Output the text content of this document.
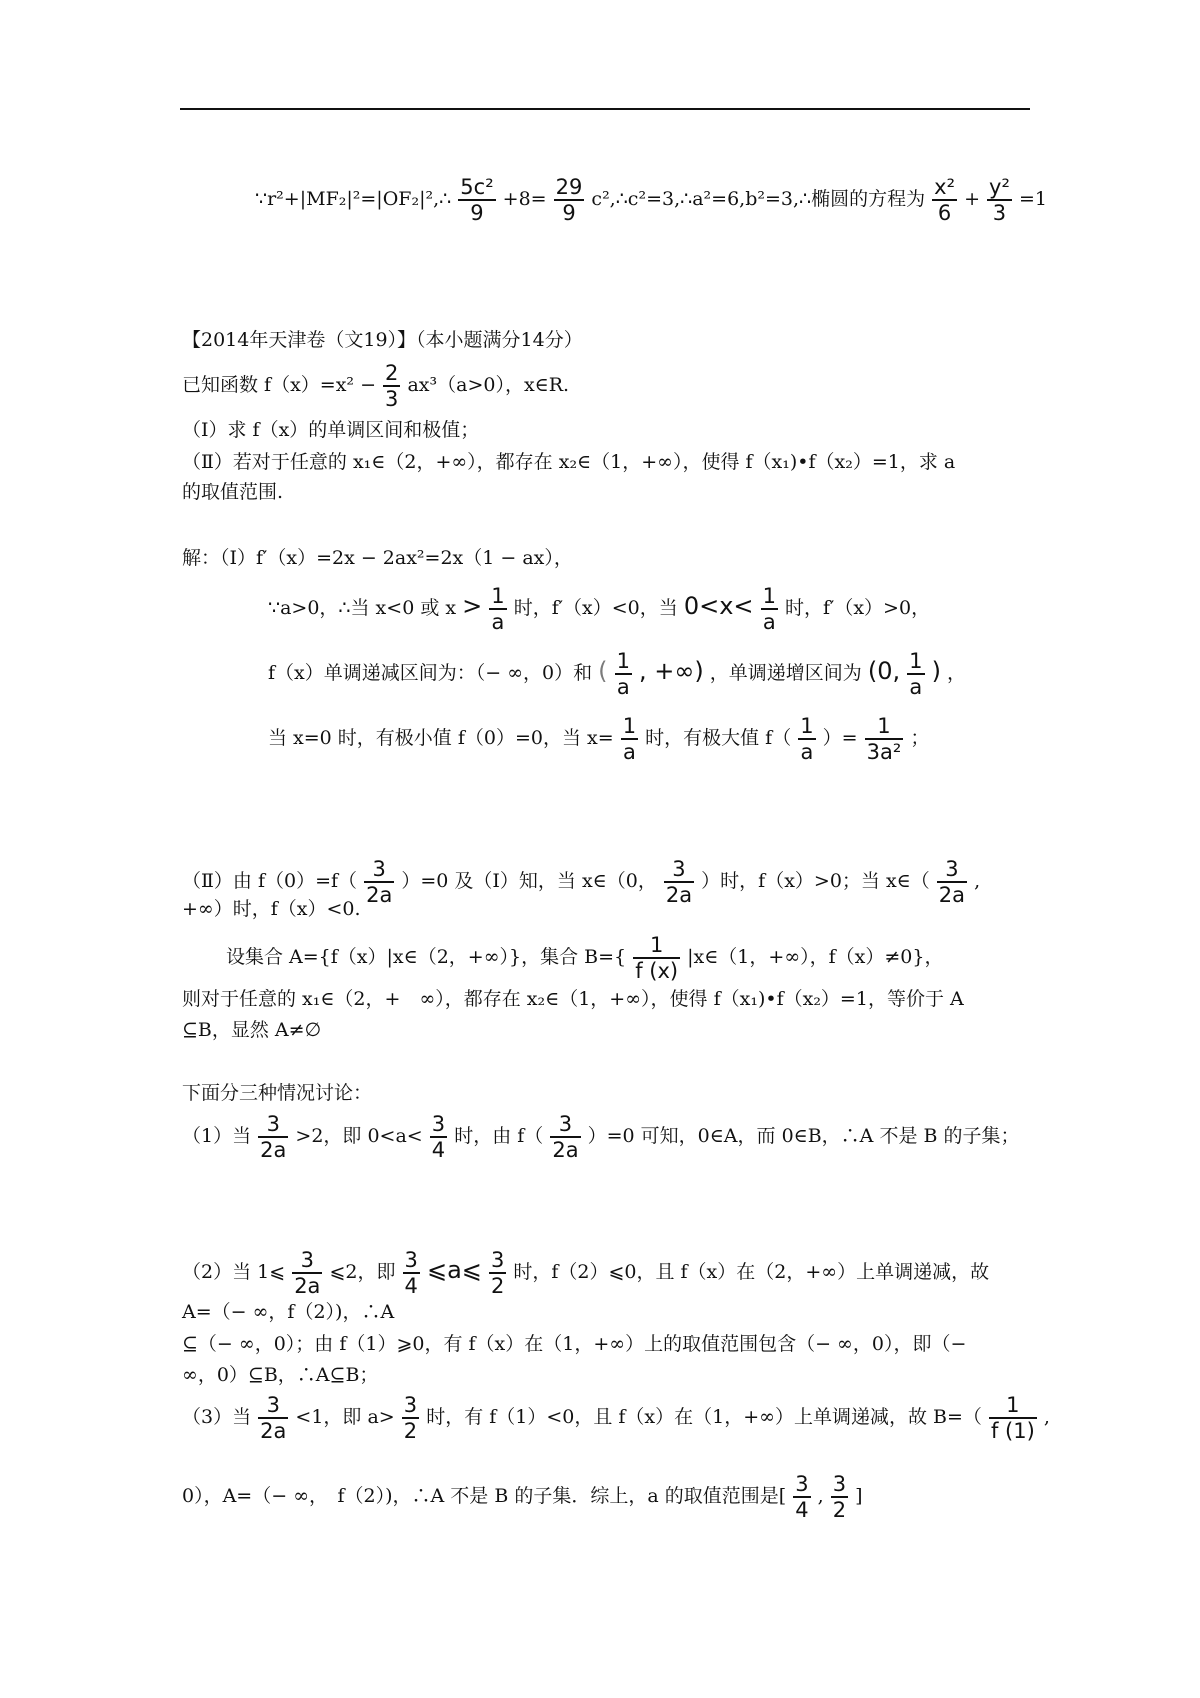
∵r²+|MF₂|²=|OF₂|²,∴ $\frac{\text{5c²}}{9} +8= \frac{29}{9}$ c²,∴c²=3,∴a²=6,b²=3,∴椭圆的方程为 $\frac{\text{x²}}{6} + \frac{\text{y²}}{3} =1$
【2014年天津卷（文19）】（本小题满分14分）
已知函数 $f(x)=x^2 - \frac{2}{3} ax^3(a>0)$，x∈R.
（Ⅰ）求 f（x）的单调区间和极值；
（Ⅱ）若对于任意的 x₁∈（2，+∞），都存在 x₂∈（1，+∞），使得 f（x₁)•f（x₂）=1，求 a
的取值范围.
解：（Ⅰ）f′（x）=2x − 2ax²=2x（1 − ax），
∵a>0，∴当 x<0 或 $x > \frac{1}{a}$ 时，f′（x）<0，当 $0<x< \frac{1}{a}$ 时，f′（x）>0，
f（x）单调递减区间为：（− ∞，0）和 ( $\frac{1}{a}$ , +∞) ，单调递增区间为 (0, $\frac{1}{a}$ ) ，
当 x=0 时，有极小值 f（0）=0，当 $x= \frac{1}{a}$ 时，有极大值 $f( \frac{1}{a}$ ）= $\frac{1}{\text{3a²}}$ ；
（Ⅱ）由 $f(0)=f( \frac{3}{2a} )=0$ 及（Ⅰ）知，当 x∈（0， $\frac{3}{2a}$ ）时，f（x）>0；当 x∈（ $\frac{3}{2a}$ ,
+∞）时，f（x）<0.
设集合 A={f（x）|x∈（2，+∞）}，集合 $B=\{ \frac{1}{f (x)}$ |x∈（1，+∞），f（x）≠0}，
则对于任意的 x₁∈（2，+　∞），都存在 x₂∈（1，+∞），使得 f（x₁)•f（x₂）=1，等价于 A
⊆B，显然 A≠∅
下面分三种情况讨论：
（1）当 $\frac{3}{2a} >2$，即 $0<a< \frac{3}{4}$ 时，由 $f( \frac{3}{2a} )=0$ 可知，0∈A，而 0∈B，∴A 不是 B 的子集；
（2）当 1⩽ $\frac{3}{2a}$ ⩽2，即 $\frac{3}{4}$ ⩽a⩽ $\frac{3}{2}$ 时，f（2）⩽0，且 f（x）在（2，+∞）上单调递减，故
A=（− ∞，f（2）)，∴A
⊆（− ∞，0）；由 f（1）⩾0，有 f（x）在（1，+∞）上的取值范围包含（− ∞，0），即（−
∞，0）⊆B，∴A⊆B；
（3）当 $\frac{3}{2a} <1$，即 $a> \frac{3}{2}$ 时，有 f（1）<0，且 f（x）在（1，+∞）上单调递减，故 $B=( \frac{1}{f (1)}$ ,
0），A=（− ∞，　f（2）)，∴A 不是 B 的子集．综上，a 的取值范围是[ $\frac{3}{4}$ , $\frac{3}{2}$ ]
